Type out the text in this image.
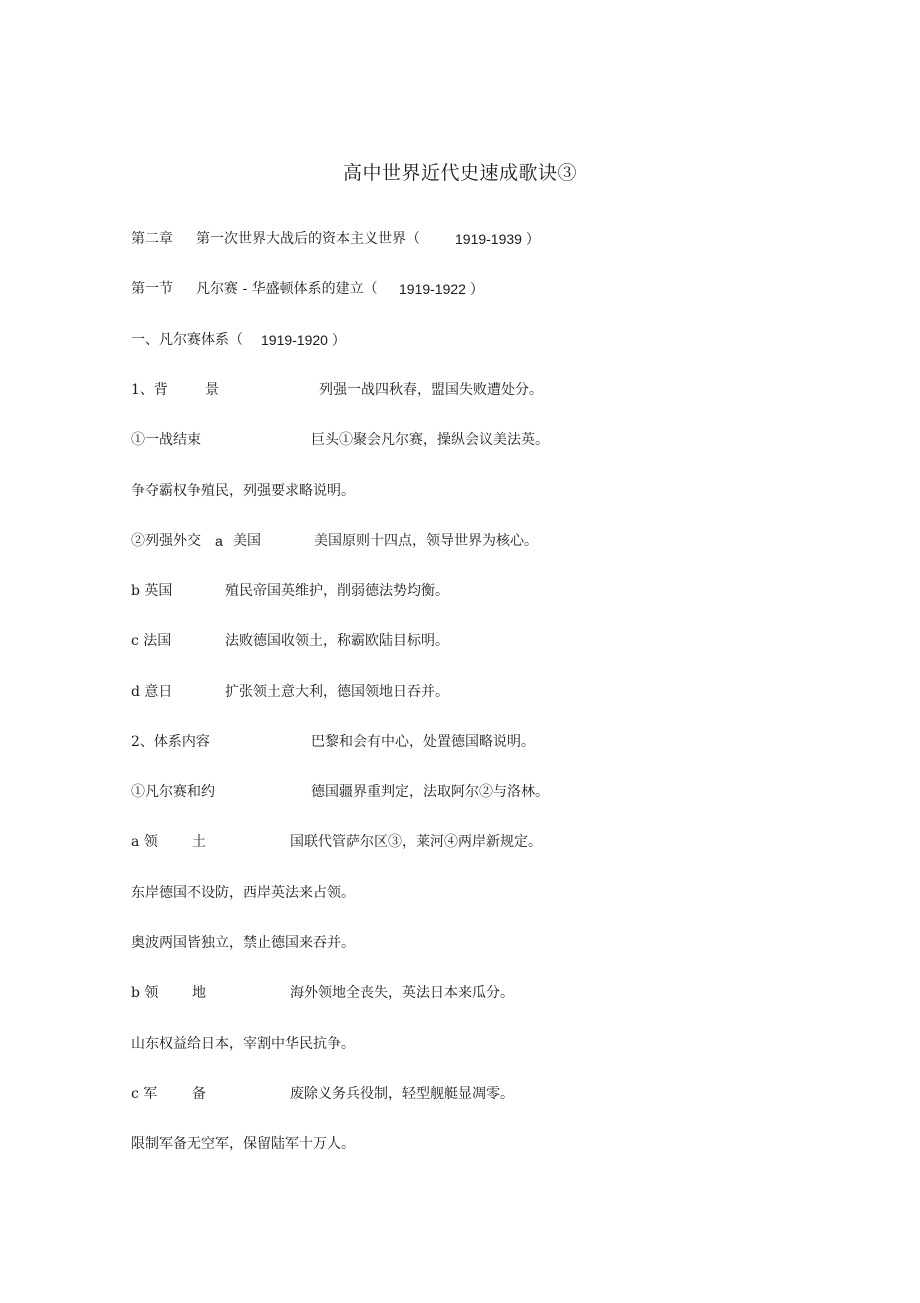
高中世界近代史速成歌诀③
第二章 第一次世界大战后的资本主义世界（	1919-1939 ）
第一节 凡尔赛 - 华盛顿体系的建立（ 1919-1922 ）
一、凡尔赛体系（ 1919-1920 ）
1、背	景	列强一战四秋春，盟国失败遭处分。
①一战结束	巨头①聚会凡尔赛，操纵会议美法英。
争夺霸权争殖民，列强要求略说明。
②列强外交 a 美国	美国原则十四点，领导世界为核心。
b 英国	殖民帝国英维护，削弱德法势均衡。
c 法国	法败德国收领土，称霸欧陆目标明。
d 意日	扩张领土意大利，德国领地日吞并。
2、体系内容	巴黎和会有中心，处置德国略说明。
①凡尔赛和约	德国疆界重判定，法取阿尔②与洛林。
a 领 土	国联代管萨尔区③，莱河④两岸新规定。
东岸德国不设防，西岸英法来占领。
奥波两国皆独立，禁止德国来吞并。
b 领 地	海外领地全丧失，英法日本来瓜分。
山东权益给日本，宰割中华民抗争。
c 军 备	废除义务兵役制，轻型舰艇显凋零。
限制军备无空军，保留陆军十万人。
